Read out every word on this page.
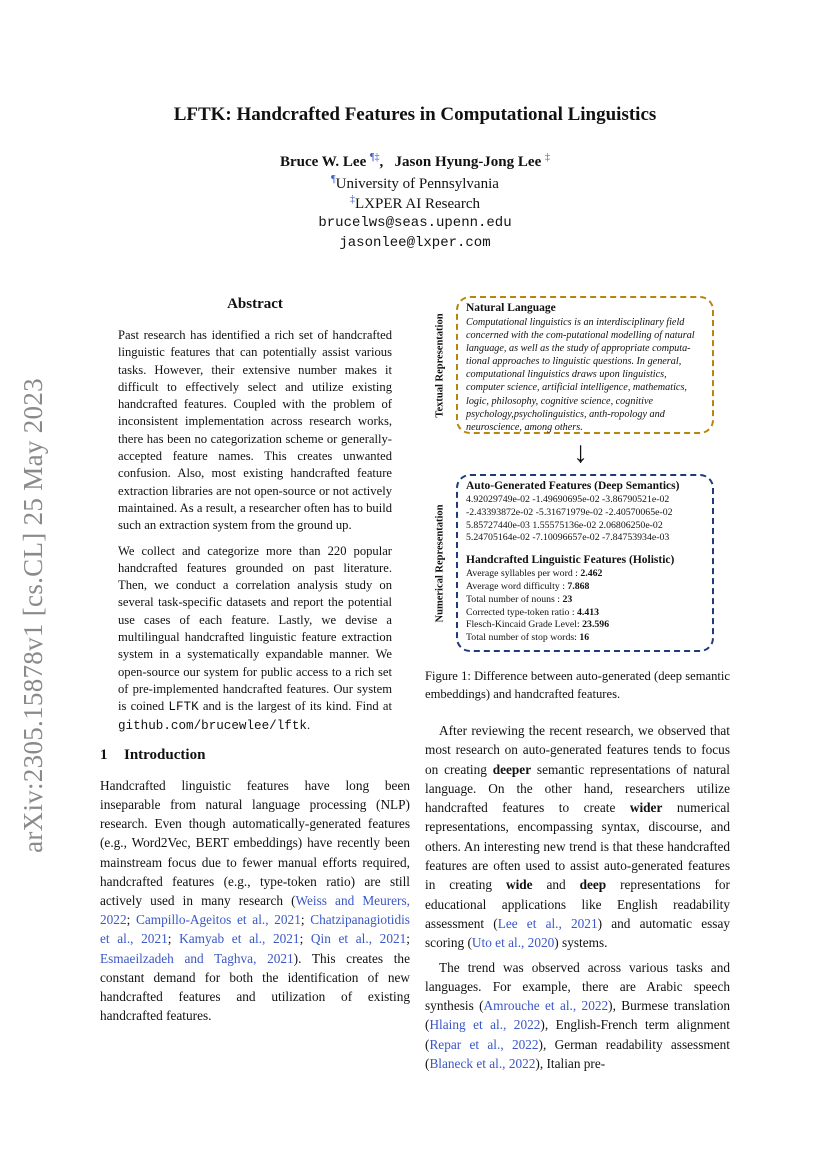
arXiv:2305.15878v1 [cs.CL] 25 May 2023
LFTK: Handcrafted Features in Computational Linguistics
Bruce W. Lee ¶‡,   Jason Hyung-Jong Lee ‡
¶University of Pennsylvania
‡LXPER AI Research
brucelws@seas.upenn.edu
jasonlee@lxper.com
Abstract

Past research has identified a rich set of handcrafted linguistic features that can potentially assist various tasks. However, their extensive number makes it difficult to effectively select and utilize existing handcrafted features. Coupled with the problem of inconsistent implementation across research works, there has been no categorization scheme or generally-accepted feature names. This creates unwanted confusion. Also, most existing handcrafted feature extraction libraries are not open-source or not actively maintained. As a result, a researcher often has to build such an extraction system from the ground up.

We collect and categorize more than 220 popular handcrafted features grounded on past literature. Then, we conduct a correlation analysis study on several task-specific datasets and report the potential use cases of each feature. Lastly, we devise a multilingual handcrafted linguistic feature extraction system in a systematically expandable manner. We open-source our system for public access to a rich set of pre-implemented handcrafted features. Our system is coined LFTK and is the largest of its kind. Find at github.com/brucewlee/lftk.

1 Introduction

Handcrafted linguistic features have long been inseparable from natural language processing (NLP) research. Even though automatically-generated features (e.g., Word2Vec, BERT embeddings) have recently been mainstream focus due to fewer manual efforts required, handcrafted features (e.g., type-token ratio) are still actively used in many research (Weiss and Meurers, 2022; Campillo-Ageitos et al., 2021; Chatzipanagiotidis et al., 2021; Kamyab et al., 2021; Qin et al., 2021; Esmaeilzadeh and Taghva, 2021). This creates the constant demand for both the identification of new handcrafted features and utilization of existing handcrafted features.

Textual Representation
Numerical Representation

Natural Language

Computational linguistics is an interdisciplinary field concerned with the com-putational modelling of natural language, as well as the study of appropriate computa-tional approaches to linguistic questions. In general, computational linguistics draws upon linguistics, computer science, artificial intelligence, mathematics, logic, philosophy, cognitive science, cognitive psychology,psycholinguistics, anth-ropology and neuroscience, among others.

↓

Auto-Generated Features (Deep Semantics)

4.92029749e-02 -1.49690695e-02 -3.86790521e-02

-2.43393872e-02 -5.31671979e-02 -2.40570065e-02

5.85727440e-03 1.55575136e-02 2.06806250e-02

5.24705164e-02 -7.10096657e-02 -7.84753934e-03

Handcrafted Linguistic Features (Holistic)

Average syllables per word : 2.462

Average word difficulty : 7.868

Total number of nouns : 23

Corrected type-token ratio : 4.413

Flesch-Kincaid Grade Level: 23.596

Total number of stop words: 16

Figure 1: Difference between auto-generated (deep semantic embeddings) and handcrafted features.

After reviewing the recent research, we observed that most research on auto-generated features tends to focus on creating deeper semantic representations of natural language. On the other hand, researchers utilize handcrafted features to create wider numerical representations, encompassing syntax, discourse, and others. An interesting new trend is that these handcrafted features are often used to assist auto-generated features in creating wide and deep representations for educational applications like English readability assessment (Lee et al., 2021) and automatic essay scoring (Uto et al., 2020) systems.

The trend was observed across various tasks and languages. For example, there are Arabic speech synthesis (Amrouche et al., 2022), Burmese translation (Hlaing et al., 2022), English-French term alignment (Repar et al., 2022), German readability assessment (Blaneck et al., 2022), Italian pre-
